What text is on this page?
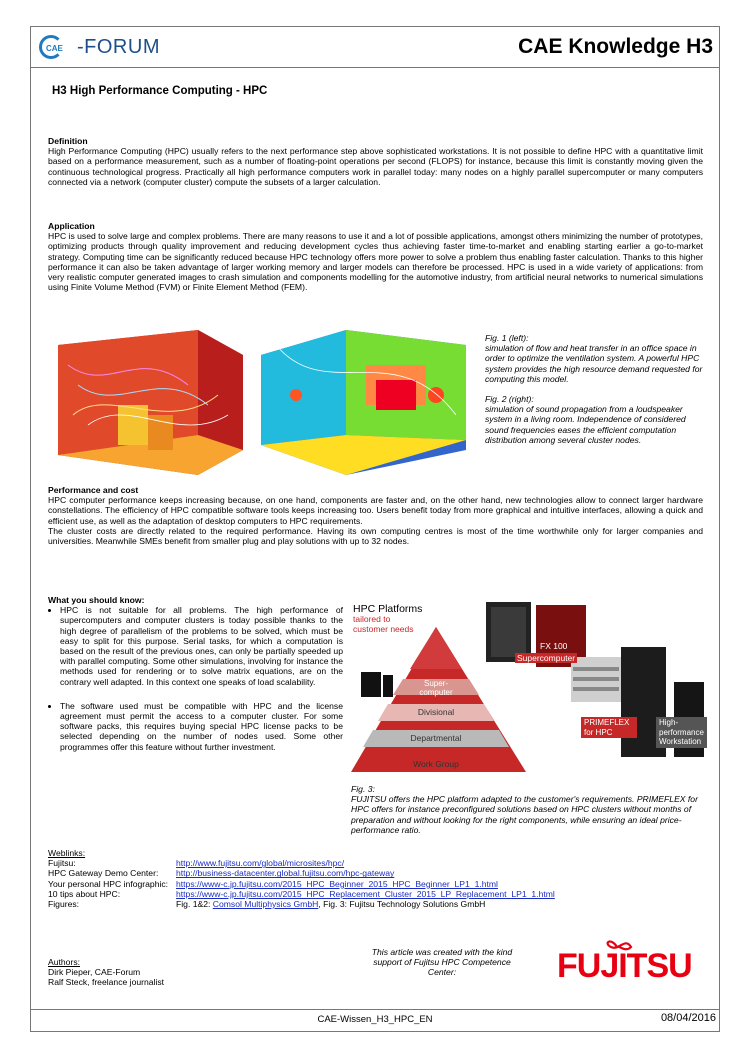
CAE -FORUM	CAE Knowledge H3
H3 High Performance Computing - HPC
Definition
High Performance Computing (HPC) usually refers to the next performance step above sophisticated workstations. It is not possible to define HPC with a quantitative limit based on a performance measurement, such as a number of floating-point operations per second (FLOPS) for instance, because this limit is constantly moving given the continuous technological progress. Practically all high performance computers work in parallel today: many nodes on a highly parallel supercomputer or many computers connected via a network (computer cluster) compute the subsets of a larger calculation.
Application
HPC is used to solve large and complex problems. There are many reasons to use it and a lot of possible applications, amongst others minimizing the number of prototypes, optimizing products through quality improvement and reducing development cycles thus achieving faster time-to-market and enabling starting earlier a go-to-market strategy. Computing time can be significantly reduced because HPC technology offers more power to solve a problem thus enabling faster calculation. Thanks to this higher performance it can also be taken advantage of larger working memory and larger models can therefore be processed. HPC is used in a wide variety of applications: from very realistic computer generated images to crash simulation and components modelling for the automotive industry, from artificial neural networks to numerical simulations using Finite Volume Method (FVM) or Finite Element Method (FEM).
Fig. 1 (left):
simulation of flow and heat transfer in an office space in order to optimize the ventilation system. A powerful HPC system provides the high resource demand requested for computing this model.
Fig. 2 (right):
simulation of sound propagation from a loudspeaker system in a living room. Independence of considered sound frequencies eases the efficient computation distribution among several cluster nodes.
Performance and cost
HPC computer performance keeps increasing because, on one hand, components are faster and, on the other hand, new technologies allow to connect larger hardware constellations. The efficiency of HPC compatible software tools keeps increasing too. Users benefit today from more graphical and intuitive interfaces, allowing a quick and efficient use, as well as the adaptation of desktop computers to HPC requirements.
The cluster costs are directly related to the required performance. Having its own computing centres is most of the time worthwhile only for larger companies and universities. Meanwhile SMEs benefit from smaller plug and play solutions with up to 32 nodes.
What you should know:
• HPC is not suitable for all problems. The high performance of supercomputers and computer clusters is today possible thanks to the high degree of parallelism of the problems to be solved, which must be easy to split for this purpose. Serial tasks, for which a computation is based on the result of the previous ones, can only be partially speeded up with parallel computing. Some other simulations, involving for instance the methods used for rendering or to solve matrix equations, are on the contrary well adapted. In this context one speaks of load scalability.
• The software used must be compatible with HPC and the license agreement must permit the access to a computer cluster. For some software packs, this requires buying special HPC license packs to be selected depending on the number of nodes used. Some other programmes offer this feature without further investment.
HPC Platforms
tailored to customer needs
Super-computer
Divisional
Departmental
Work Group
FX 100
Supercomputer
PRIMEFLEX for HPC
High-performance Workstation
Fig. 3:
FUJITSU offers the HPC platform adapted to the customer's requirements. PRIMEFLEX for HPC offers for instance preconfigured solutions based on HPC clusters without months of preparation and without looking for the right components, while ensuring an ideal price-performance ratio.
Weblinks:
Fujitsu:	http://www.fujitsu.com/global/microsites/hpc/
HPC Gateway Demo Center:	http://business-datacenter.global.fujitsu.com/hpc-gateway
Your personal HPC infographic: https://www-c.jp.fujitsu.com/2015_HPC_Beginner_2015_HPC_Beginner_LP1_1.html
10 tips about HPC:	https://www-c.jp.fujitsu.com/2015_HPC_Replacement_Cluster_2015_LP_Replacement_LP1_1.html
Figures:	Fig. 1&2: Comsol Multiphysics GmbH, Fig. 3: Fujitsu Technology Solutions GmbH
Authors:
Dirk Pieper, CAE-Forum
Ralf Steck, freelance journalist
This article was created with the kind support of Fujitsu HPC Competence Center:	FUJITSU
CAE-Wissen_H3_HPC_EN	08/04/2016
